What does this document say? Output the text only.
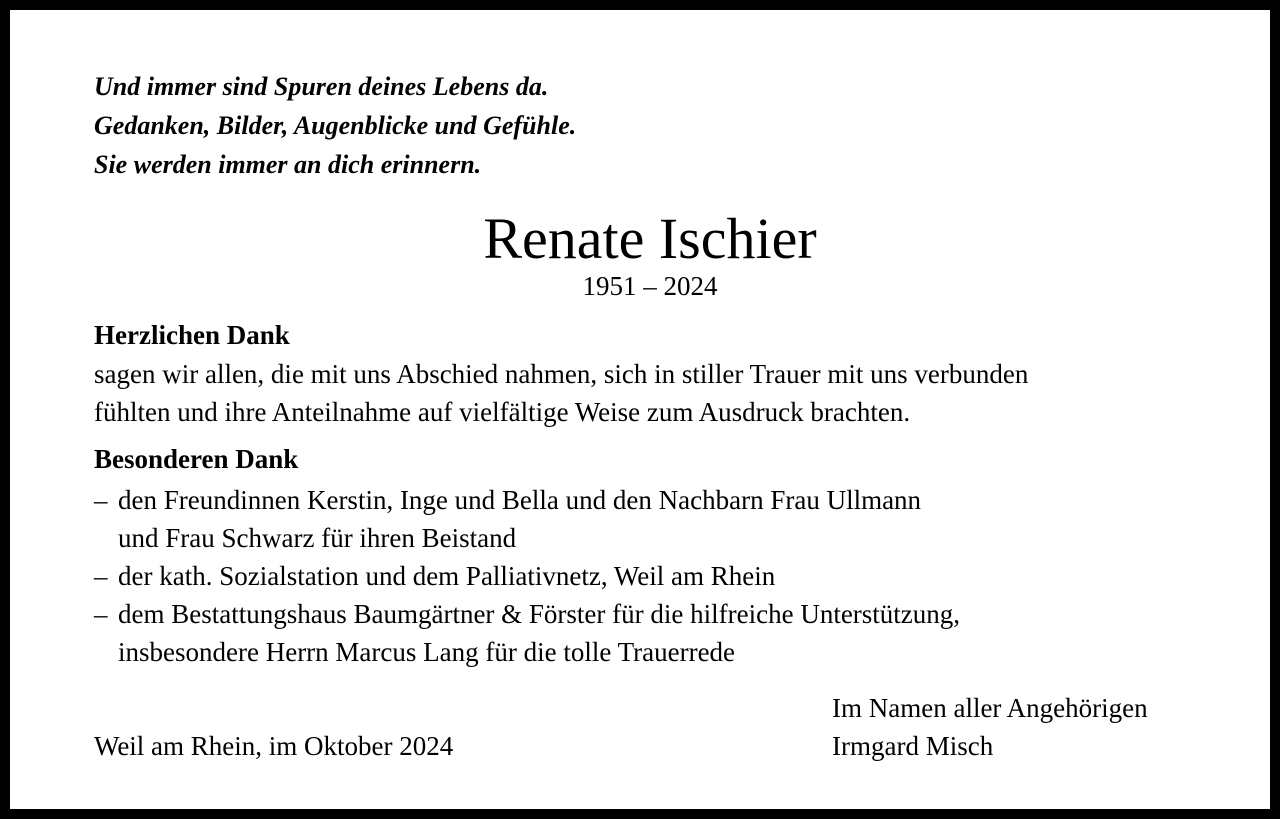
Und immer sind Spuren deines Lebens da.
Gedanken, Bilder, Augenblicke und Gefühle.
Sie werden immer an dich erinnern.
Renate Ischier
1951 – 2024
Herzlichen Dank
sagen wir allen, die mit uns Abschied nahmen, sich in stiller Trauer mit uns verbunden
fühlten und ihre Anteilnahme auf vielfältige Weise zum Ausdruck brachten.
Besonderen Dank
– den Freundinnen Kerstin, Inge und Bella und den Nachbarn Frau Ullmann
und Frau Schwarz für ihren Beistand
– der kath. Sozialstation und dem Palliativnetz, Weil am Rhein
– dem Bestattungshaus Baumgärtner & Förster für die hilfreiche Unterstützung,
insbesondere Herrn Marcus Lang für die tolle Trauerrede
Im Namen aller Angehörigen
Irmgard Misch
Weil am Rhein, im Oktober 2024
